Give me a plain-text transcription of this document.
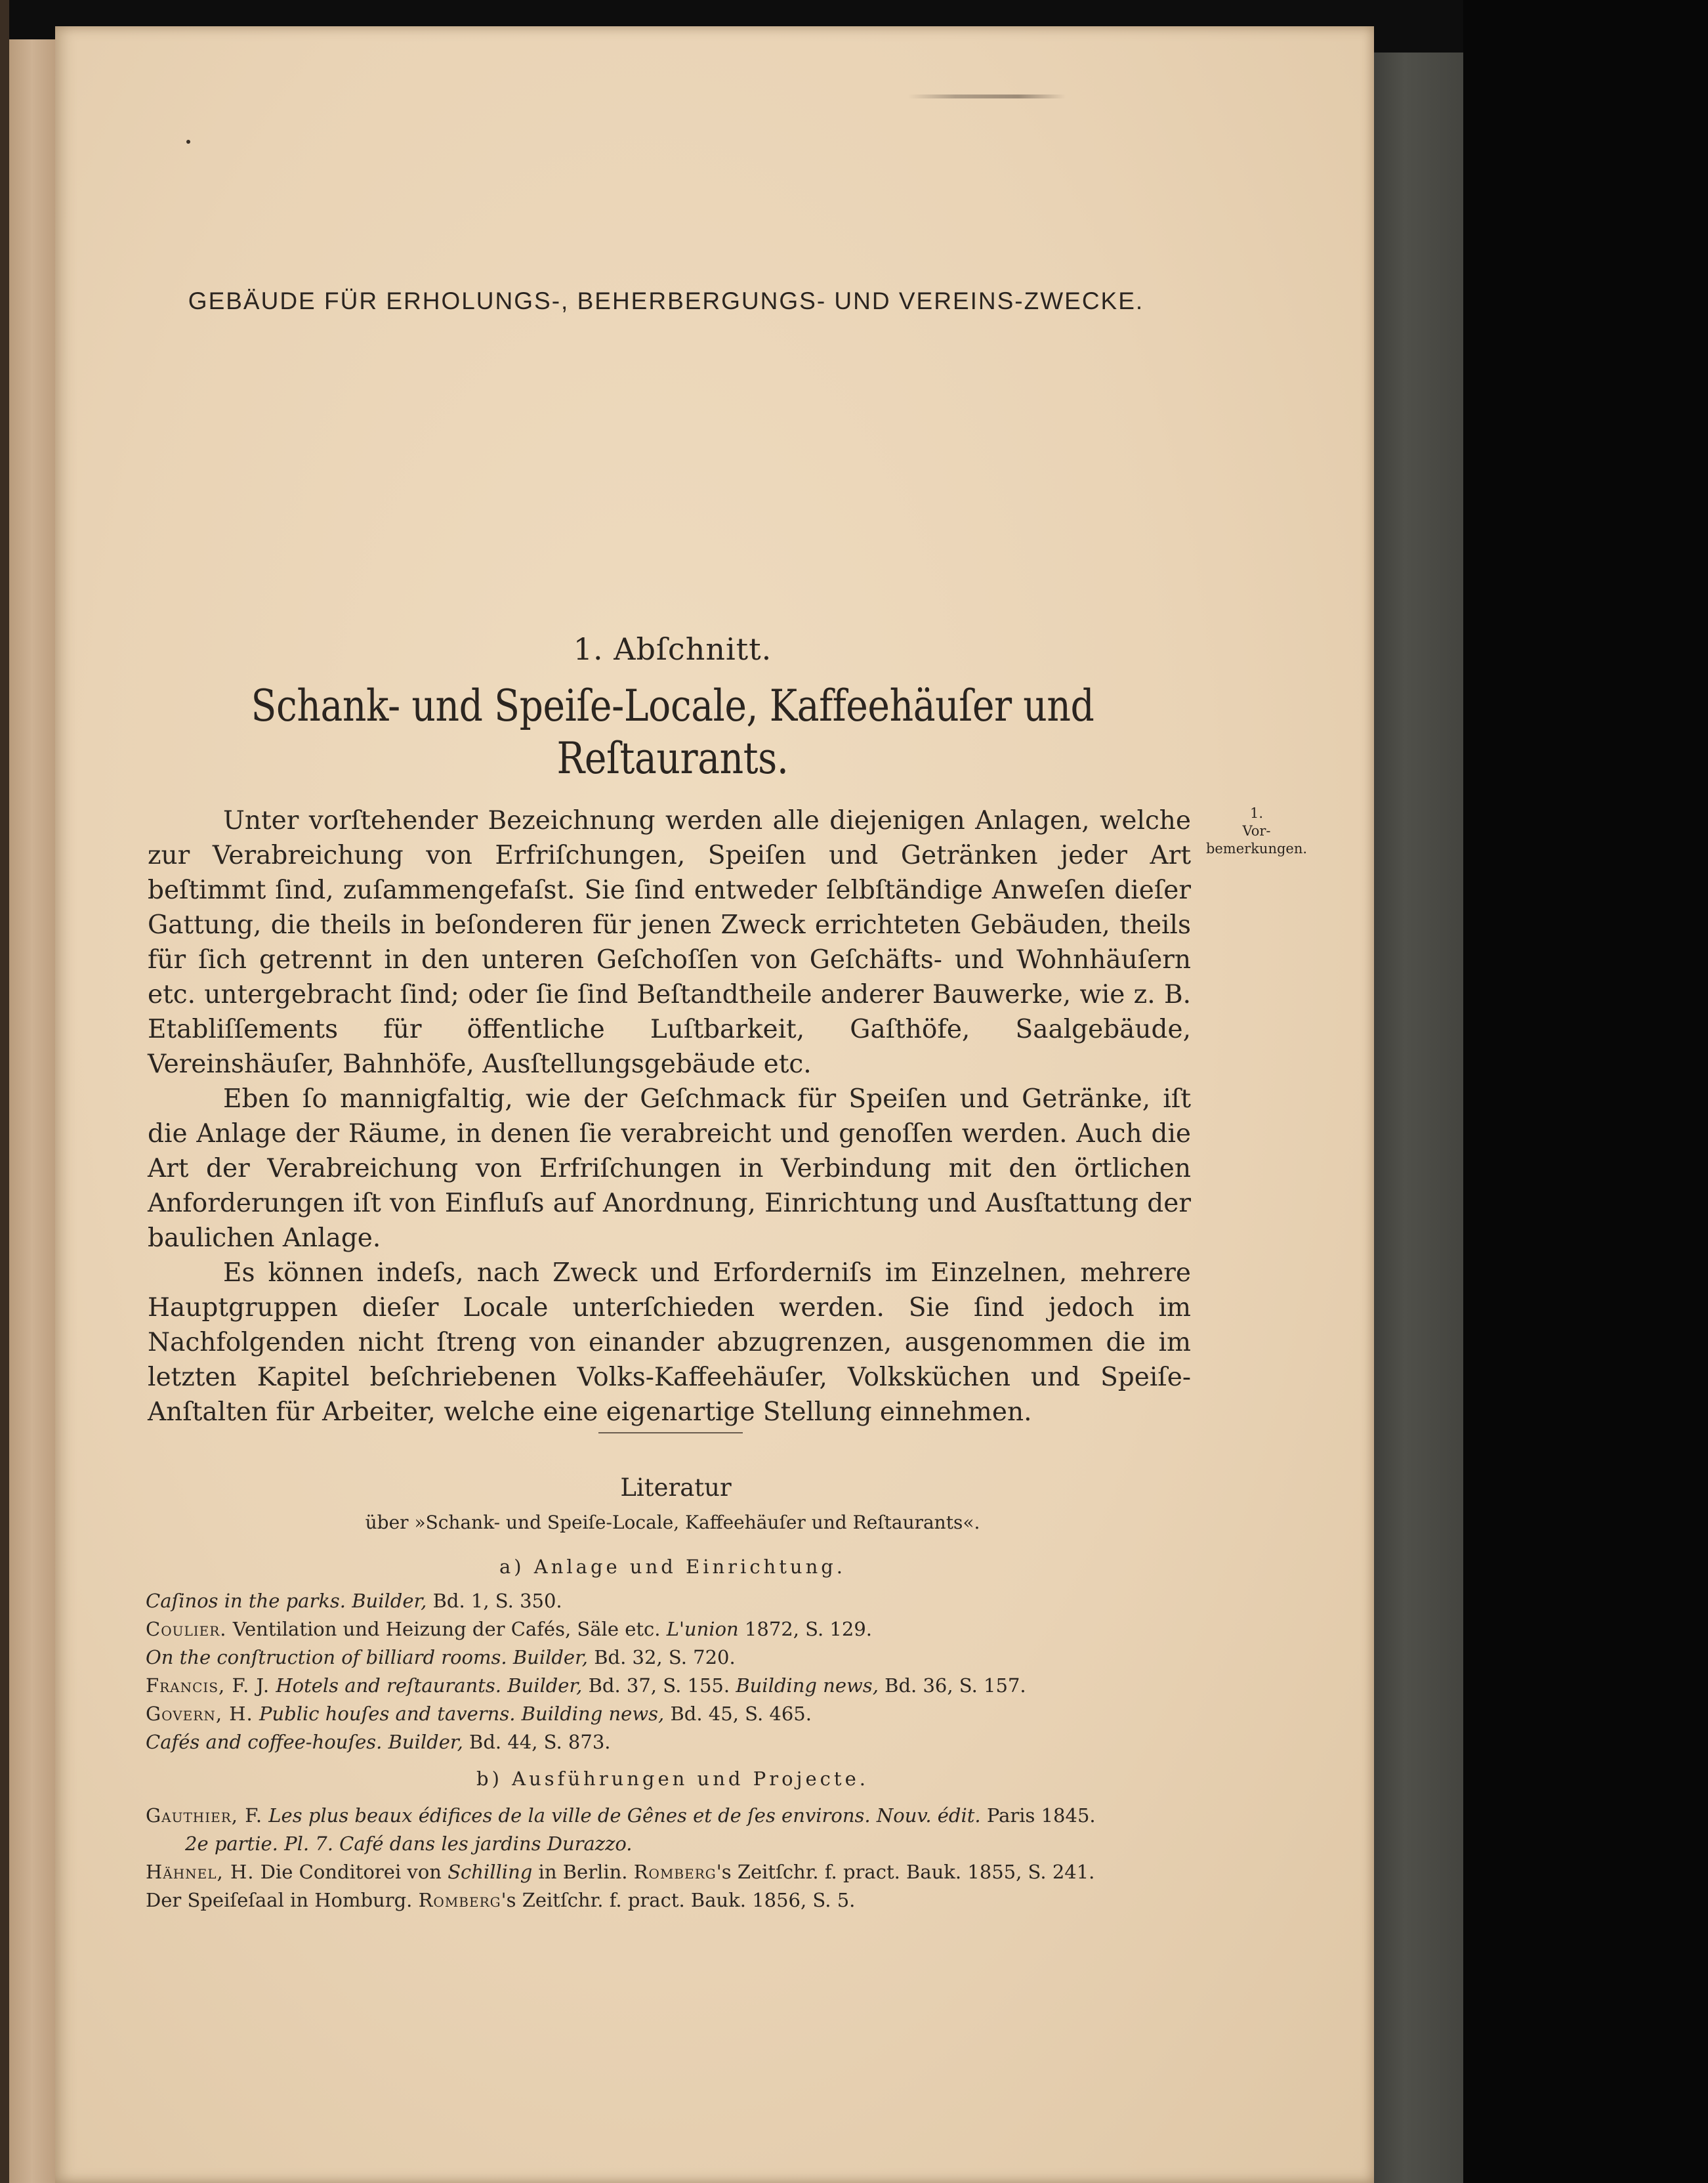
GEBÄUDE FÜR ERHOLUNGS-, BEHERBERGUNGS- UND VEREINS-ZWECKE.
1. Abſchnitt.
Schank- und Speiſe-Locale, Kaffeehäuſer und Reſtaurants.
1.
Vor-
bemerkungen.

Unter vorſtehender Bezeichnung werden alle diejenigen Anlagen, welche zur Verabreichung von Erfriſchungen, Speiſen und Getränken jeder Art beſtimmt ſind, zuſammengefaſst. Sie ſind entweder ſelbſtändige Anweſen dieſer Gattung, die theils in beſonderen für jenen Zweck errichteten Gebäuden, theils für ſich getrennt in den unteren Geſchoſſen von Geſchäfts- und Wohnhäuſern etc. untergebracht ſind; oder ſie ſind Beſtandtheile anderer Bauwerke, wie z. B. Etabliſſements für öffentliche Luſtbarkeit, Gaſthöfe, Saalgebäude, Vereinshäuſer, Bahnhöfe, Ausſtellungsgebäude etc.

Eben ſo mannigfaltig, wie der Geſchmack für Speiſen und Getränke, iſt die Anlage der Räume, in denen ſie verabreicht und genoſſen werden. Auch die Art der Verabreichung von Erfriſchungen in Verbindung mit den örtlichen Anforderungen iſt von Einfluſs auf Anordnung, Einrichtung und Ausſtattung der baulichen Anlage.

Es können indeſs, nach Zweck und Erforderniſs im Einzelnen, mehrere Hauptgruppen dieſer Locale unterſchieden werden. Sie ſind jedoch im Nachfolgenden nicht ſtreng von einander abzugrenzen, ausgenommen die im letzten Kapitel beſchriebenen Volks-Kaffeehäuſer, Volksküchen und Speiſe-Anſtalten für Arbeiter, welche eine eigenartige Stellung einnehmen.

Literatur
über »Schank- und Speiſe-Locale, Kaffeehäuſer und Reſtaurants«.
a) Anlage und Einrichtung.
Caſinos in the parks. Builder, Bd. 1, S. 350.
Coulier. Ventilation und Heizung der Cafés, Säle etc. L'union 1872, S. 129.
On the conſtruction of billiard rooms. Builder, Bd. 32, S. 720.
Francis, F. J. Hotels and reſtaurants. Builder, Bd. 37, S. 155. Building news, Bd. 36, S. 157.
Govern, H. Public houſes and taverns. Building news, Bd. 45, S. 465.
Cafés and coffee-houſes. Builder, Bd. 44, S. 873.
b) Ausführungen und Projecte.
Gauthier, F. Les plus beaux édifices de la ville de Gênes et de ſes environs. Nouv. édit. Paris 1845.
2e partie. Pl. 7. Café dans les jardins Durazzo.
Hähnel, H. Die Conditorei von Schilling in Berlin. Romberg's Zeitſchr. f. pract. Bauk. 1855, S. 241.
Der Speiſeſaal in Homburg. Romberg's Zeitſchr. f. pract. Bauk. 1856, S. 5.
